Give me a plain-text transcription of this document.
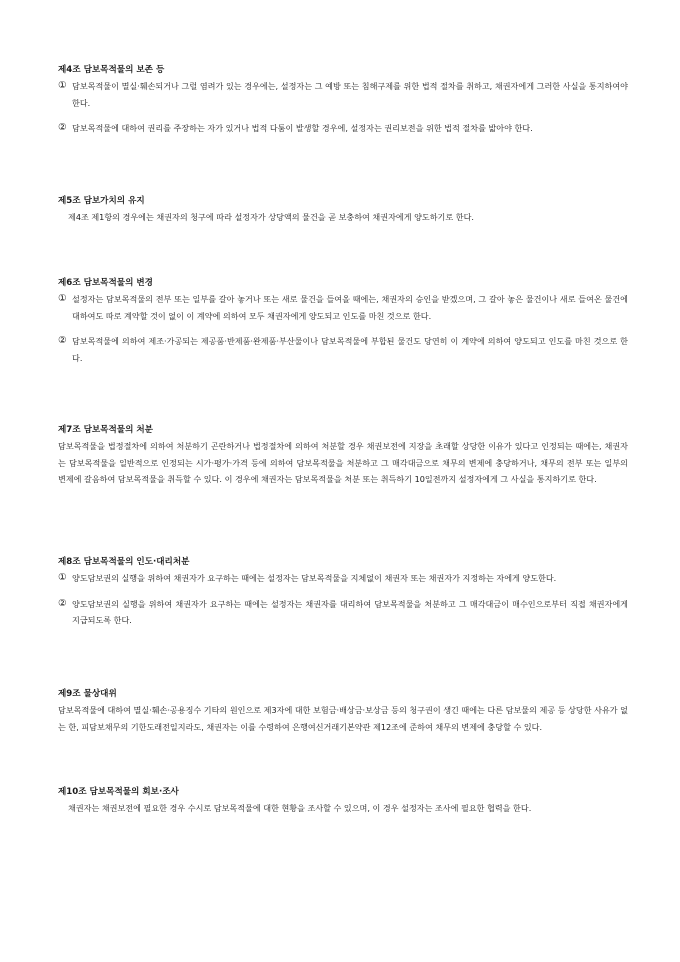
제4조 담보목적물의 보존 등
① 담보목적물이 멸실·훼손되거나 그럴 염려가 있는 경우에는, 설정자는 그 예방 또는 침해구제를 위한 법적 절차를 취하고, 채권자에게 그러한 사실을 통지하여야 한다.

② 담보목적물에 대하여 권리를 주장하는 자가 있거나 법적 다툼이 발생할 경우에, 설정자는 권리보전을 위한 법적 절차를 밟아야 한다.

제5조 담보가치의 유지

제4조 제1항의 경우에는 채권자의 청구에 따라 설정자가 상당액의 물건을 곧 보충하여 채권자에게 양도하기로 한다.

제6조 담보목적물의 변경
① 설정자는 담보목적물의 전부 또는 일부를 갈아 놓거나 또는 새로 물건을 들여올 때에는, 채권자의 승인을 받겠으며, 그 갈아 놓은 물건이나 새로 들여온 물건에 대하여도 따로 계약할 것이 없이 이 계약에 의하여 모두 채권자에게 양도되고 인도를 마친 것으로 한다.

② 담보목적물에 의하여 제조·가공되는 제공품·반제품·완제품·부산물이나 담보목적물에 부합된 물건도 당연히 이 계약에 의하여 양도되고 인도를 마친 것으로 한다.

제7조 담보목적물의 처분

담보목적물을 법정절차에 의하여 처분하기 곤란하거나 법정절차에 의하여 처분할 경우 채권보전에 지장을 초래할 상당한 이유가 있다고 인정되는 때에는, 채권자는 담보목적물을 일반적으로 인정되는 시가·평가·가격 등에 의하여 담보목적물을 처분하고 그 매각대금으로 채무의 변제에 충당하거나, 채무의 전부 또는 일부의 변제에 갈음하여 담보목적물을 취득할 수 있다. 이 경우에 채권자는 담보목적물을 처분 또는 취득하기 10일전까지 설정자에게 그 사실을 통지하기로 한다.

제8조 담보목적물의 인도·대리처분
① 양도담보권의 실행을 위하여 채권자가 요구하는 때에는 설정자는 담보목적물을 지체없이 채권자 또는 채권자가 지정하는 자에게 양도한다.

② 양도담보권의 실행을 위하여 채권자가 요구하는 때에는 설정자는 채권자를 대리하여 담보목적물을 처분하고 그 매각대금이 매수인으로부터 직접 채권자에게 지급되도록 한다.

제9조 물상대위

담보목적물에 대하여 멸실·훼손·공용징수 기타의 원인으로 제3자에 대한 보험금·배상금·보상금 등의 청구권이 생긴 때에는 다른 담보물의 제공 등 상당한 사유가 없는 한, 피담보채무의 기한도래전일지라도, 채권자는 이를 수령하여 은행여신거래기본약관 제12조에 준하여 채무의 변제에 충당할 수 있다.

제10조 담보목적물의 회보·조사

채권자는 채권보전에 필요한 경우 수시로 담보목적물에 대한 현황을 조사할 수 있으며, 이 경우 설정자는 조사에 필요한 협력을 한다.
